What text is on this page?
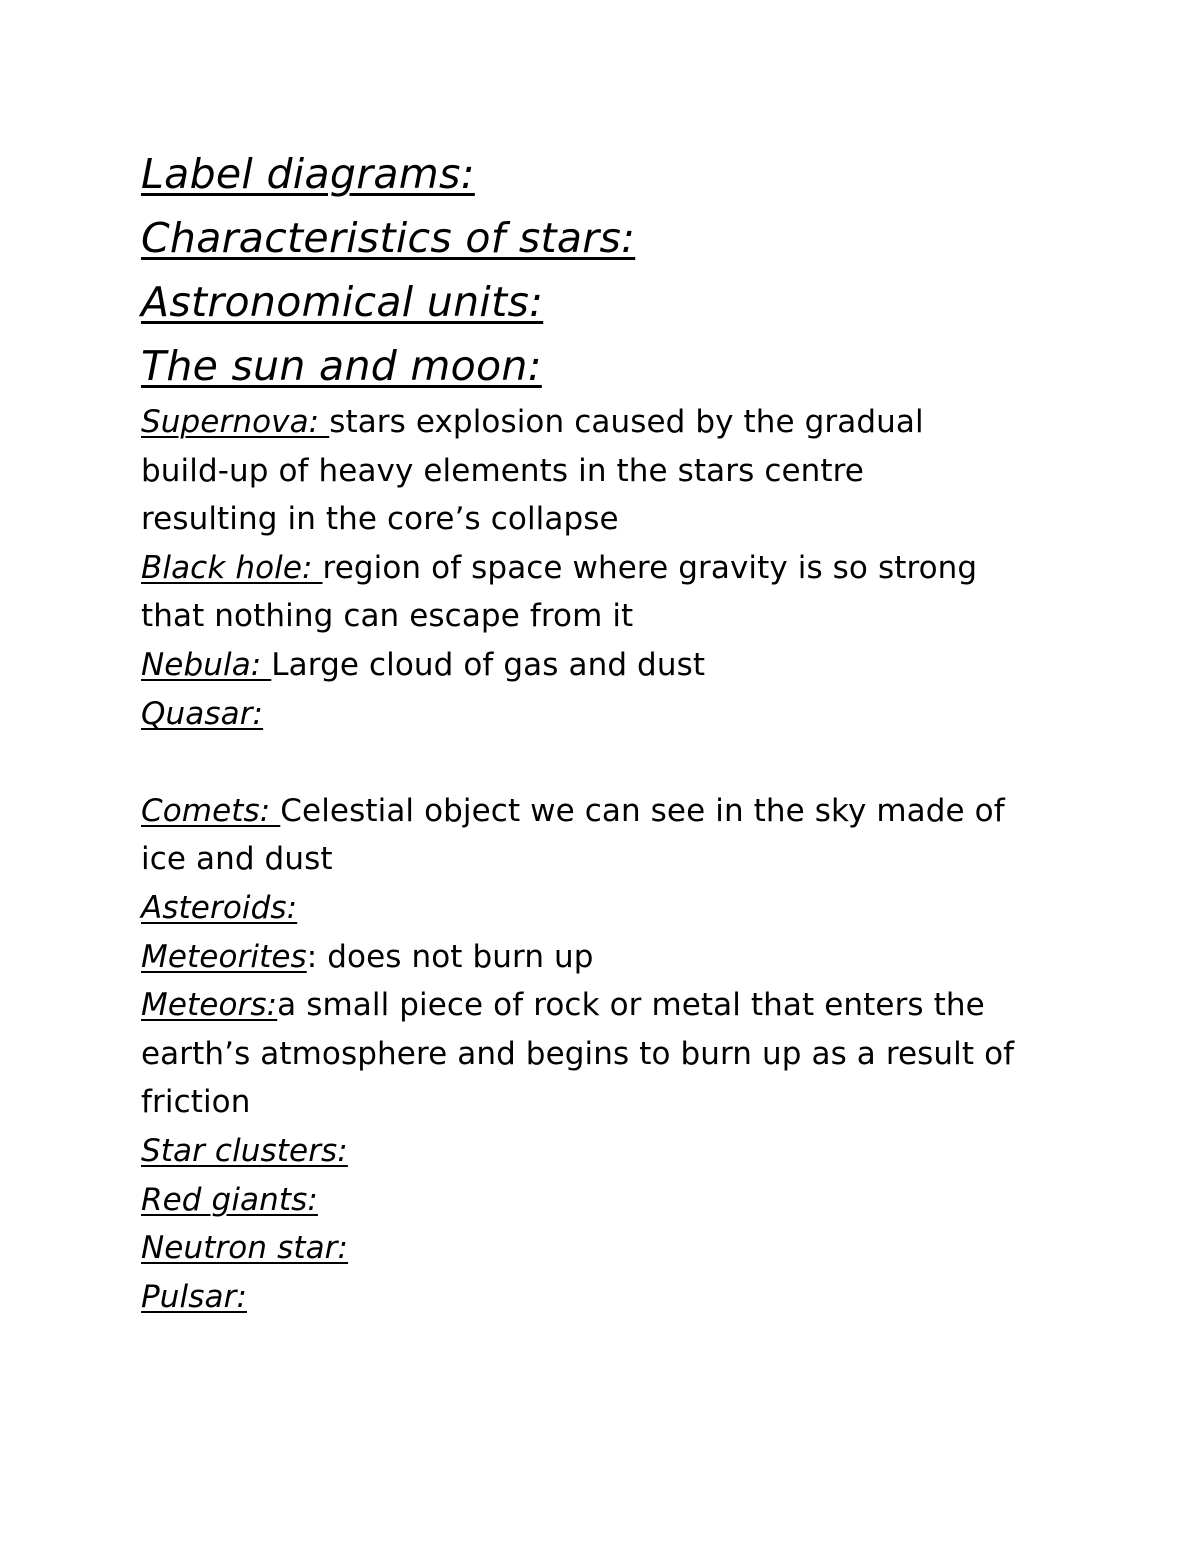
Label diagrams:
Characteristics of stars:
Astronomical units:
The sun and moon:
Supernova: stars explosion caused by the gradual
build-up of heavy elements in the stars centre
resulting in the core’s collapse
Black hole: region of space where gravity is so strong
that nothing can escape from it
Nebula: Large cloud of gas and dust
Quasar:
Comets: Celestial object we can see in the sky made of
ice and dust
Asteroids:
Meteorites: does not burn up
Meteors:a small piece of rock or metal that enters the
earth’s atmosphere and begins to burn up as a result of
friction
Star clusters:
Red giants:
Neutron star:
Pulsar:
